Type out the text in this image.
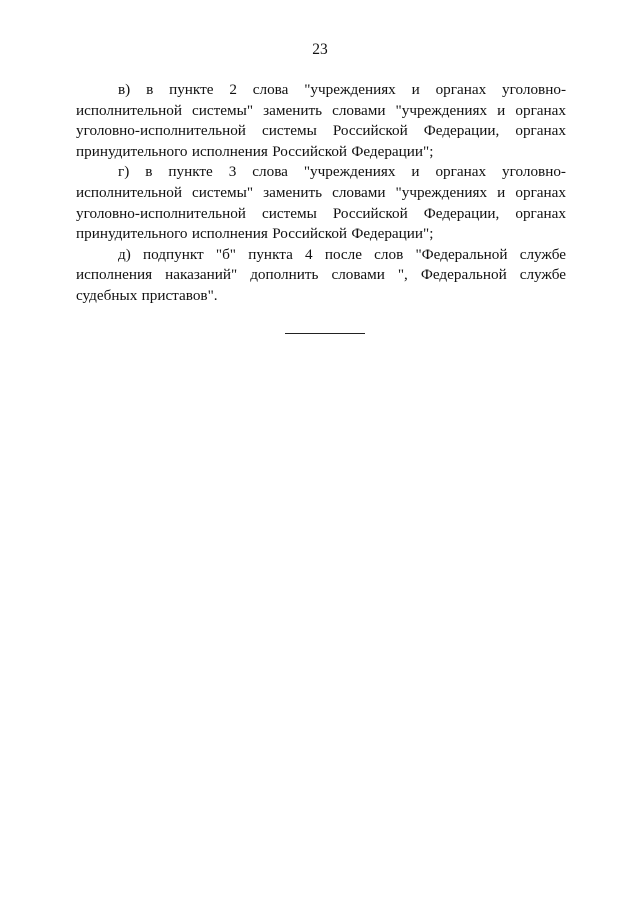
23

в) в пункте 2 слова "учреждениях и органах уголовно-исполнительной системы" заменить словами "учреждениях и органах уголовно-исполнительной системы Российской Федерации, органах принудительного исполнения Российской Федерации";

г) в пункте 3 слова "учреждениях и органах уголовно-исполнительной системы" заменить словами "учреждениях и органах уголовно-исполнительной системы Российской Федерации, органах принудительного исполнения Российской Федерации";

д) подпункт "б" пункта 4 после слов "Федеральной службе исполнения наказаний" дополнить словами ", Федеральной службе судебных приставов".
